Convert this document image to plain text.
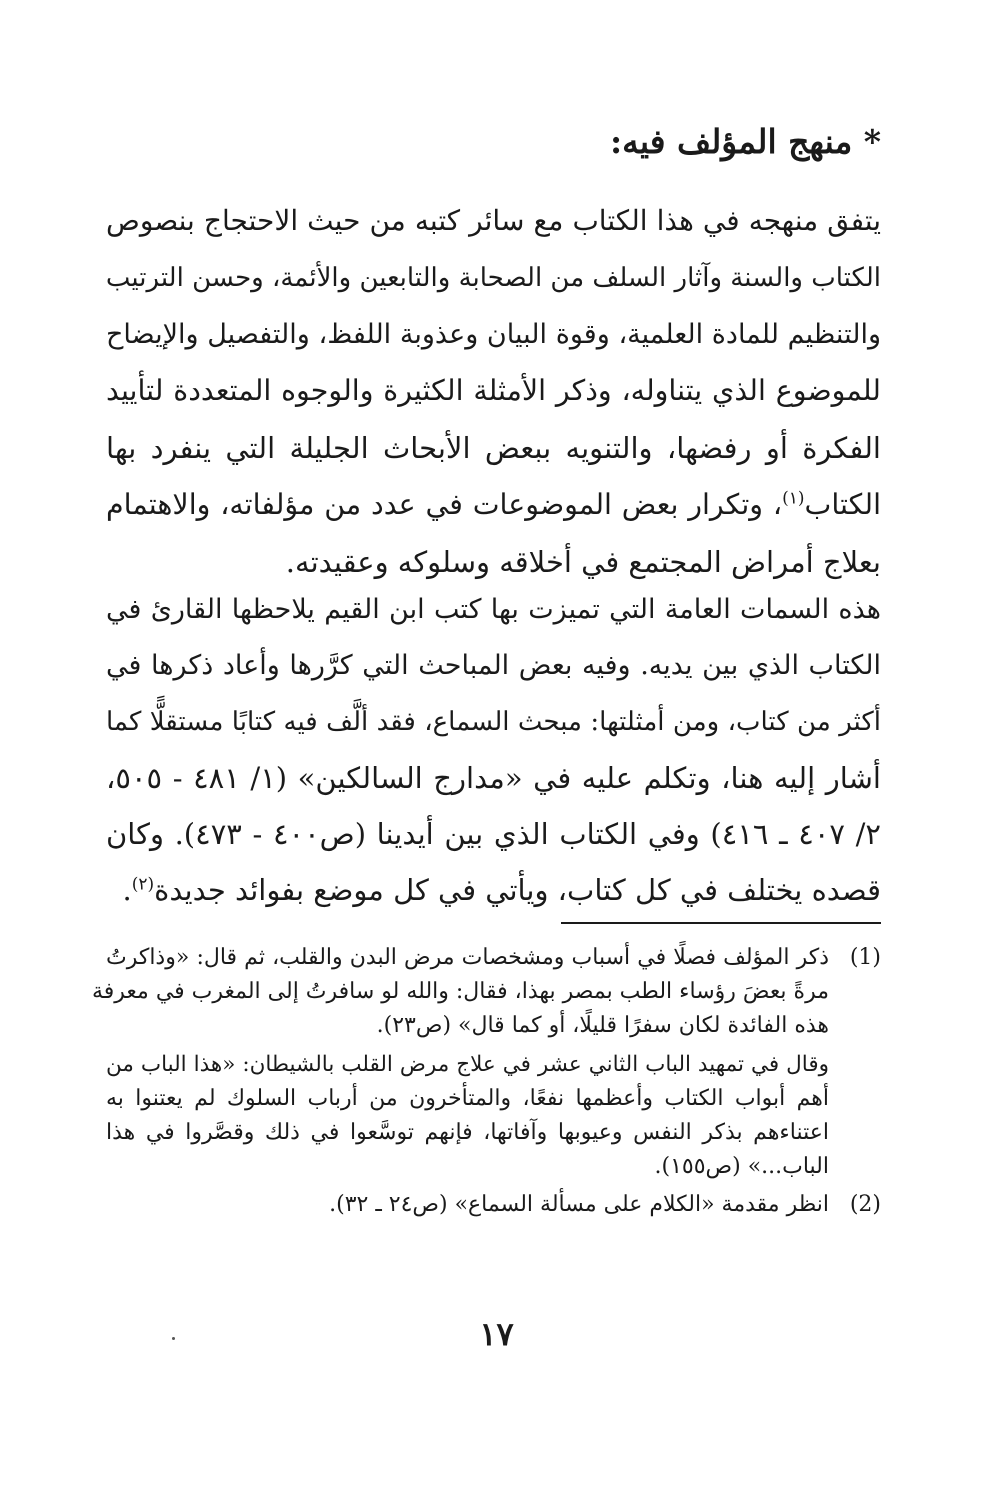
* منهج المؤلف فيه:
يتفق منهجه في هذا الكتاب مع سائر كتبه من حيث الاحتجاج بنصوص
الكتاب والسنة وآثار السلف من الصحابة والتابعين والأئمة، وحسن الترتيب
والتنظيم للمادة العلمية، وقوة البيان وعذوبة اللفظ، والتفصيل والإيضاح
للموضوع الذي يتناوله، وذكر الأمثلة الكثيرة والوجوه المتعددة لتأييد
الفكرة أو رفضها، والتنويه ببعض الأبحاث الجليلة التي ينفرد بها
الكتاب$^{(١)}$، وتكرار بعض الموضوعات في عدد من مؤلفاته، والاهتمام
بعلاج أمراض المجتمع في أخلاقه وسلوكه وعقيدته.
هذه السمات العامة التي تميزت بها كتب ابن القيم يلاحظها القارئ في
الكتاب الذي بين يديه. وفيه بعض المباحث التي كرَّرها وأعاد ذكرها في
أكثر من كتاب، ومن أمثلتها: مبحث السماع، فقد ألَّف فيه كتابًا مستقلًّا كما
أشار إليه هنا، وتكلم عليه في «مدارج السالكين» (١/ ٤٨١ - ٥٠٥،
٢/ ٤٠٧ ـ ٤١٦) وفي الكتاب الذي بين أيدينا (ص٤٠٠ - ٤٧٣). وكان
قصده يختلف في كل كتاب، ويأتي في كل موضع بفوائد جديدة$^{(٢)}$.
(1)
ذكر المؤلف فصلًا في أسباب ومشخصات مرض البدن والقلب، ثم قال: «وذاكرتُ
مرةً بعضَ رؤساء الطب بمصر بهذا، فقال: والله لو سافرتُ إلى المغرب في معرفة
هذه الفائدة لكان سفرًا قليلًا، أو كما قال» (ص٢٣).
وقال في تمهيد الباب الثاني عشر في علاج مرض القلب بالشيطان: «هذا الباب من
أهم أبواب الكتاب وأعظمها نفعًا، والمتأخرون من أرباب السلوك لم يعتنوا به
اعتناءهم بذكر النفس وعيوبها وآفاتها، فإنهم توسَّعوا في ذلك وقصَّروا في هذا
الباب...» (ص١٥٥).
(2)
انظر مقدمة «الكلام على مسألة السماع» (ص٢٤ ـ ٣٢).
١٧
